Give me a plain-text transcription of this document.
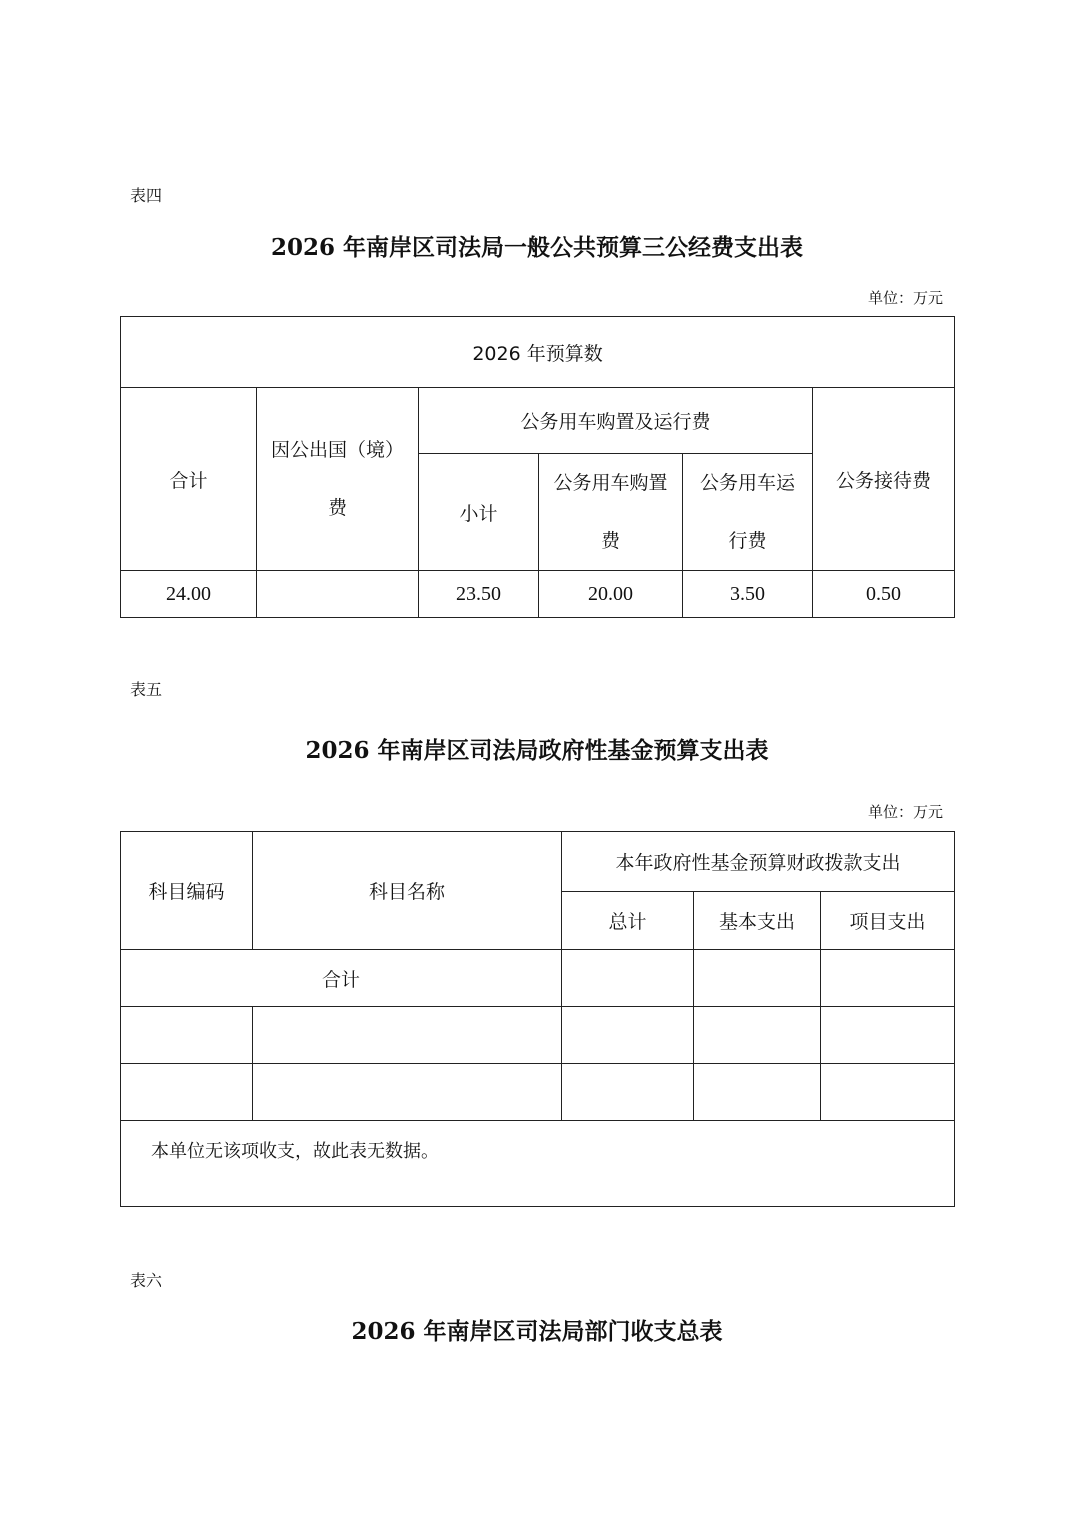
表四
2026 年南岸区司法局一般公共预算三公经费支出表
单位：万元
2026 年预算数					
合计	因公出国（境）费	公务用车购置及运行费			公务接待费
		小计	公务用车购置费	公务用车运行费	
24.00		23.50	20.00	3.50	0.50
表五
2026 年南岸区司法局政府性基金预算支出表
单位：万元
科目编码	科目名称	本年政府性基金预算财政拨款支出		
		总计	基本支出	项目支出
合计				

本单位无该项收支，故此表无数据。				
表六
2026 年南岸区司法局部门收支总表
